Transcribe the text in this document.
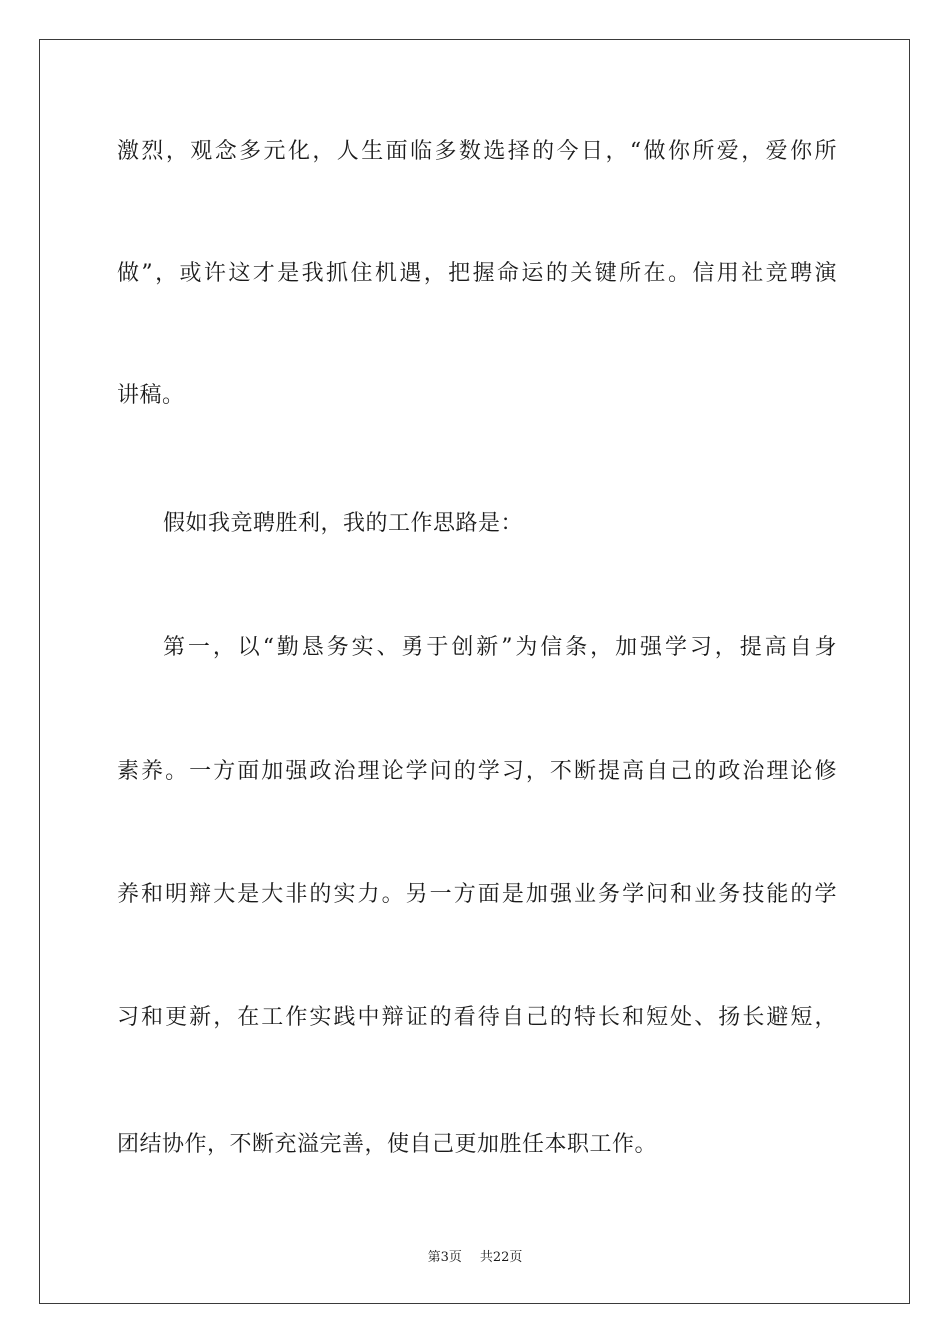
激烈，观念多元化，人生面临多数选择的今日，“做你所爱，爱你所
做”，或许这才是我抓住机遇，把握命运的关键所在。信用社竞聘演
讲稿。
假如我竞聘胜利，我的工作思路是：
第一，以“勤恳务实、勇于创新”为信条，加强学习，提高自身
素养。一方面加强政治理论学问的学习，不断提高自己的政治理论修
养和明辩大是大非的实力。另一方面是加强业务学问和业务技能的学
习和更新，在工作实践中辩证的看待自己的特长和短处、扬长避短，
团结协作，不断充溢完善，使自己更加胜任本职工作。
第3页 共22页
